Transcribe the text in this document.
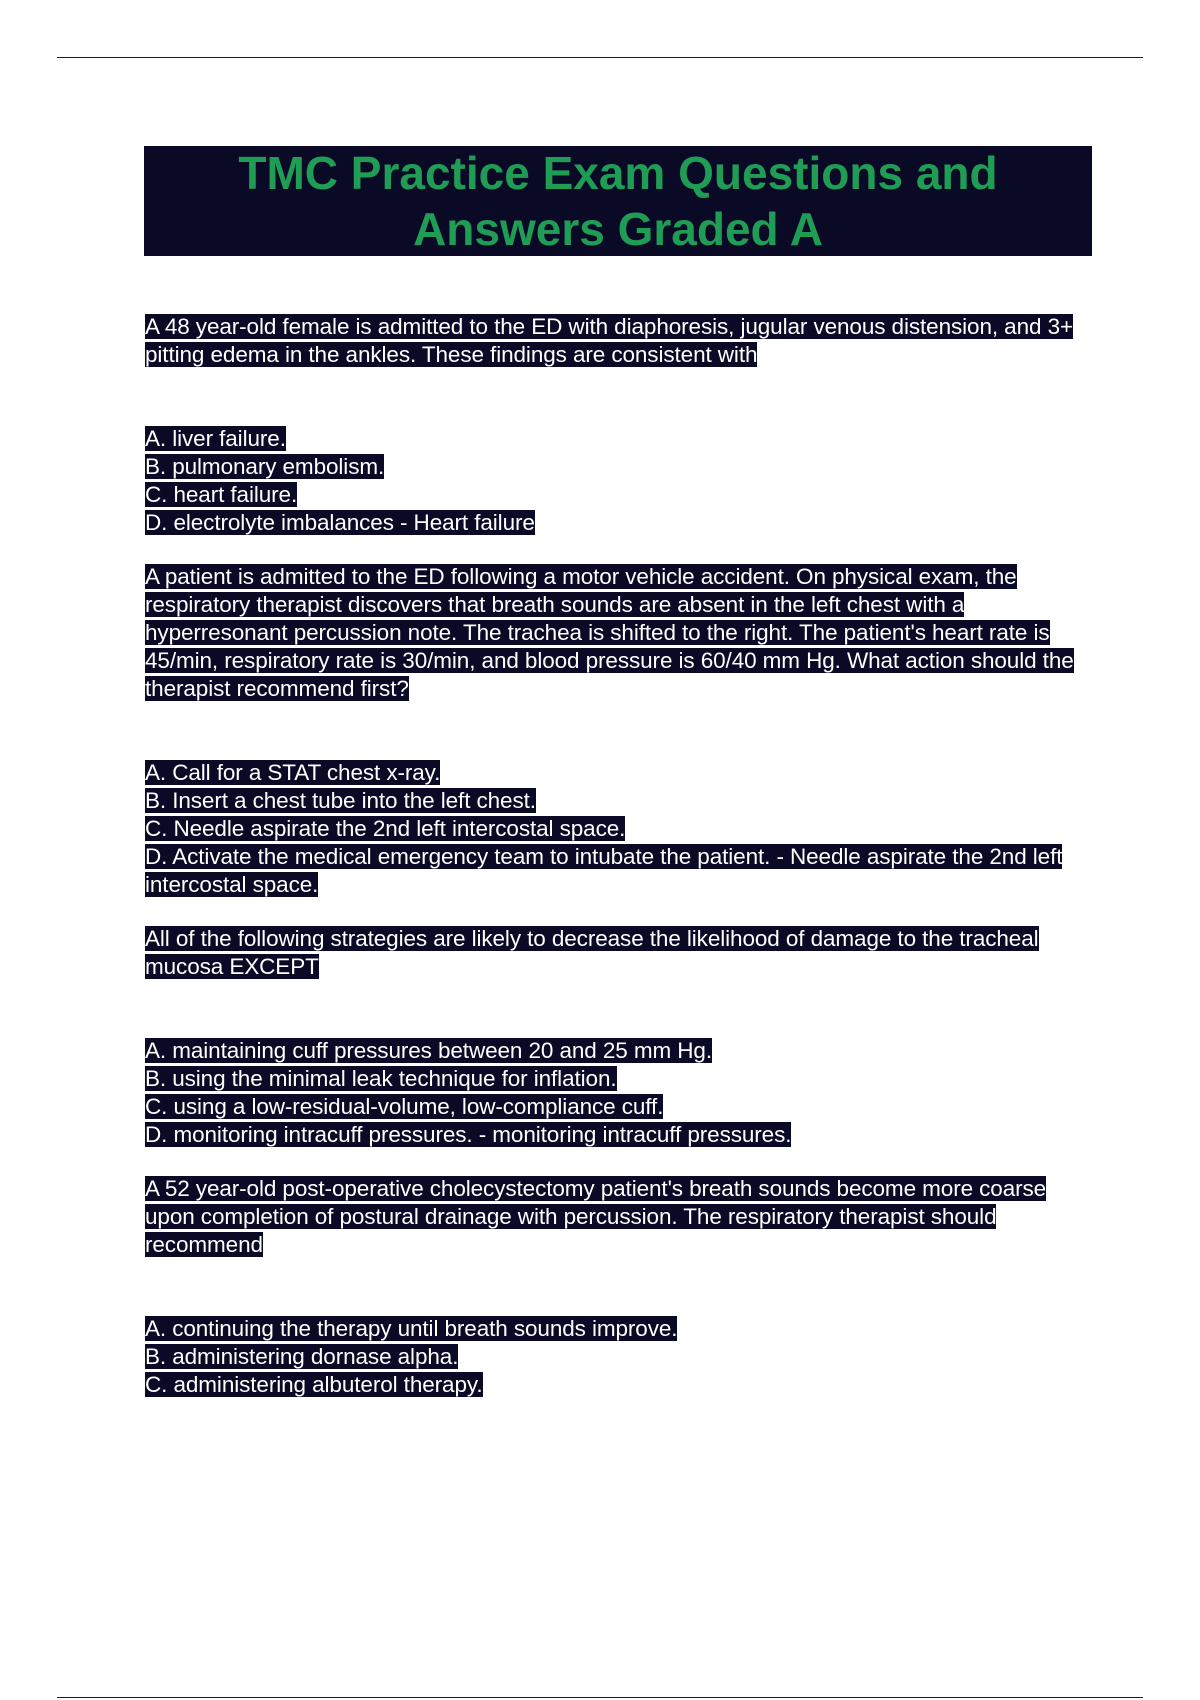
TMC Practice Exam Questions and Answers Graded A

A 48 year-old female is admitted to the ED with diaphoresis, jugular venous distension, and 3+ pitting edema in the ankles. These findings are consistent with

A. liver failure.
B. pulmonary embolism.
C. heart failure.
D. electrolyte imbalances - Heart failure

A patient is admitted to the ED following a motor vehicle accident. On physical exam, the respiratory therapist discovers that breath sounds are absent in the left chest with a hyperresonant percussion note. The trachea is shifted to the right. The patient's heart rate is 45/min, respiratory rate is 30/min, and blood pressure is 60/40 mm Hg. What action should the therapist recommend first?

A. Call for a STAT chest x-ray.
B. Insert a chest tube into the left chest.
C. Needle aspirate the 2nd left intercostal space.
D. Activate the medical emergency team to intubate the patient. - Needle aspirate the 2nd left intercostal space.

All of the following strategies are likely to decrease the likelihood of damage to the tracheal mucosa EXCEPT

A. maintaining cuff pressures between 20 and 25 mm Hg.
B. using the minimal leak technique for inflation.
C. using a low-residual-volume, low-compliance cuff.
D. monitoring intracuff pressures. - monitoring intracuff pressures.

A 52 year-old post-operative cholecystectomy patient's breath sounds become more coarse upon completion of postural drainage with percussion. The respiratory therapist should recommend

A. continuing the therapy until breath sounds improve.
B. administering dornase alpha.
C. administering albuterol therapy.
